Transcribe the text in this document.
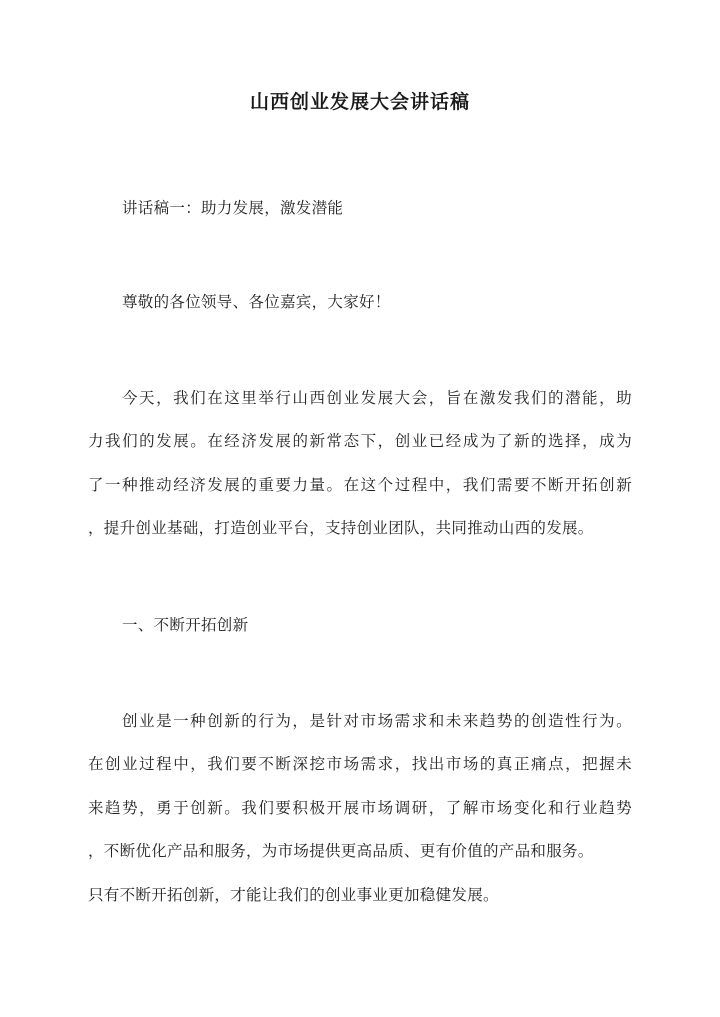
山西创业发展大会讲话稿
讲话稿一：助力发展，激发潜能
尊敬的各位领导、各位嘉宾，大家好！
今天，我们在这里举行山西创业发展大会，旨在激发我们的潜能，助
力我们的发展。在经济发展的新常态下，创业已经成为了新的选择，成为
了一种推动经济发展的重要力量。在这个过程中，我们需要不断开拓创新
，提升创业基础，打造创业平台，支持创业团队，共同推动山西的发展。
一、不断开拓创新
创业是一种创新的行为，是针对市场需求和未来趋势的创造性行为。
在创业过程中，我们要不断深挖市场需求，找出市场的真正痛点，把握未
来趋势，勇于创新。我们要积极开展市场调研，了解市场变化和行业趋势
，不断优化产品和服务，为市场提供更高品质、更有价值的产品和服务。
只有不断开拓创新，才能让我们的创业事业更加稳健发展。
